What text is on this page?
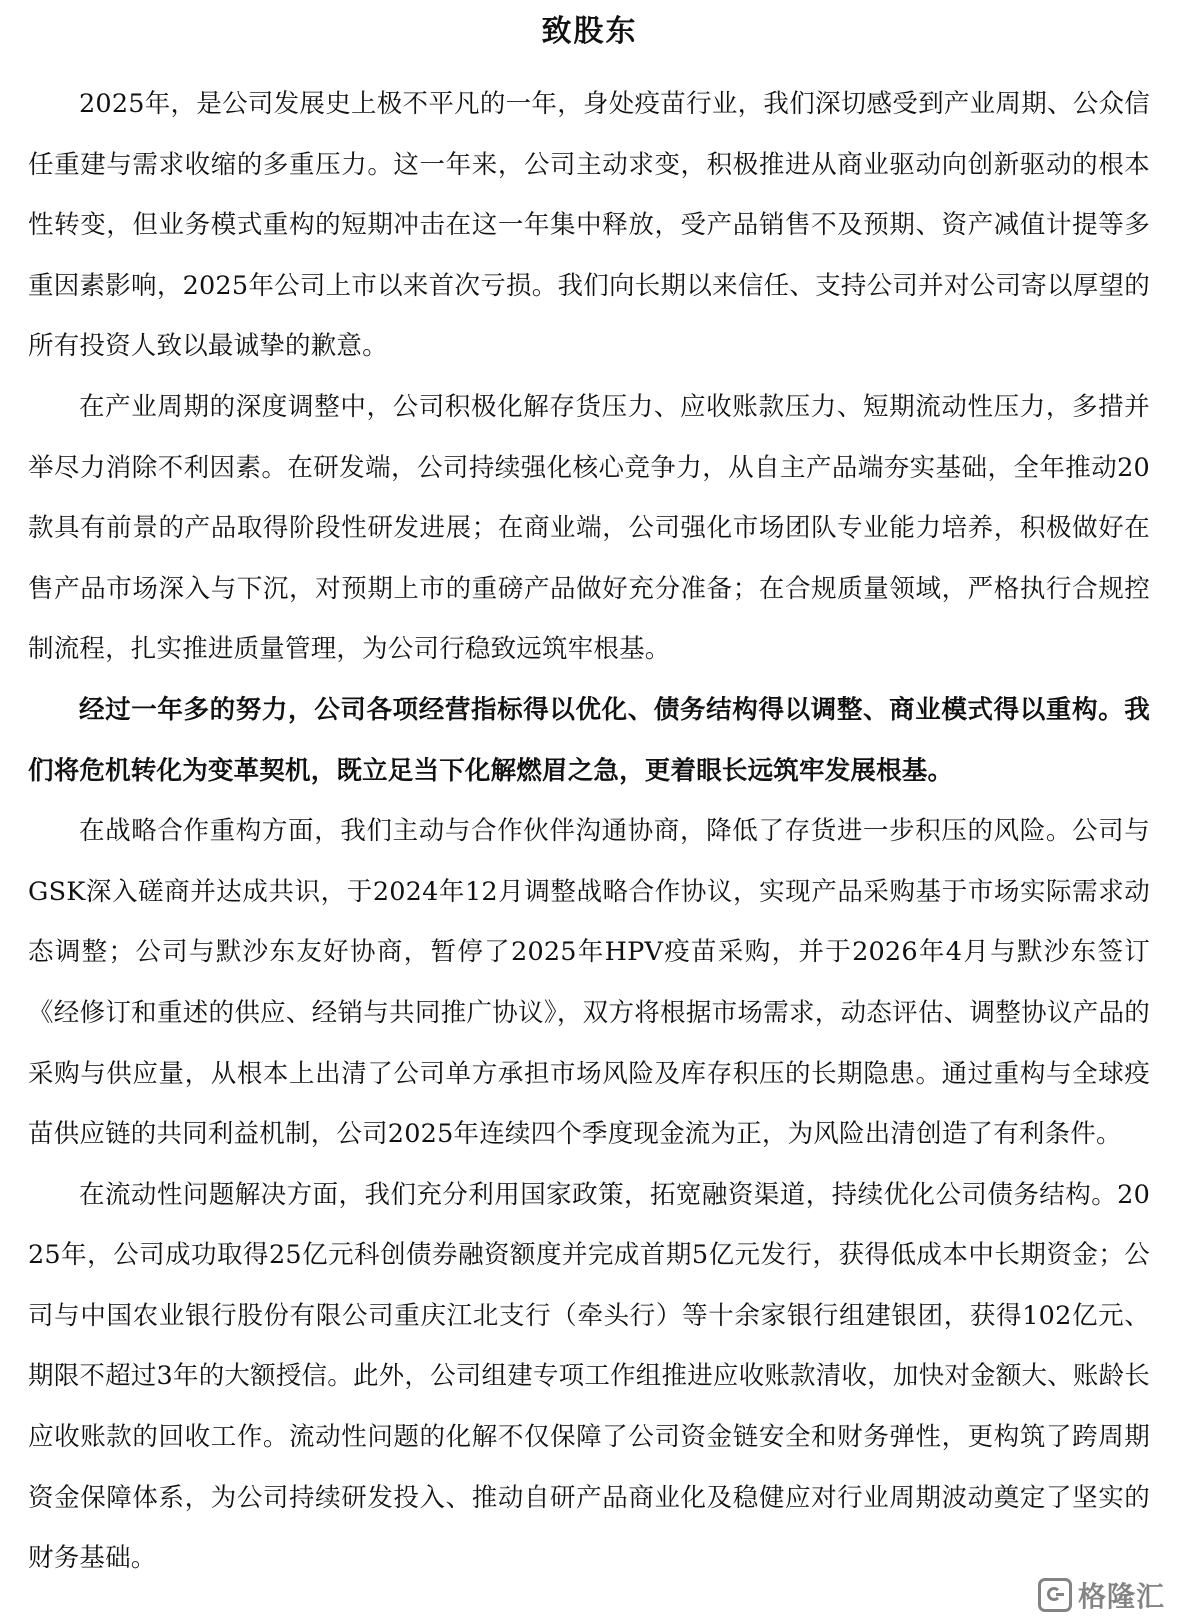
致股东

2025年，是公司发展史上极不平凡的一年，身处疫苗行业，我们深切感受到产业周期、公众信任重建与需求收缩的多重压力。这一年来，公司主动求变，积极推进从商业驱动向创新驱动的根本性转变，但业务模式重构的短期冲击在这一年集中释放，受产品销售不及预期、资产减值计提等多重因素影响，2025年公司上市以来首次亏损。我们向长期以来信任、支持公司并对公司寄以厚望的所有投资人致以最诚挚的歉意。

在产业周期的深度调整中，公司积极化解存货压力、应收账款压力、短期流动性压力，多措并举尽力消除不利因素。在研发端，公司持续强化核心竞争力，从自主产品端夯实基础，全年推动20款具有前景的产品取得阶段性研发进展；在商业端，公司强化市场团队专业能力培养，积极做好在售产品市场深入与下沉，对预期上市的重磅产品做好充分准备；在合规质量领域，严格执行合规控制流程，扎实推进质量管理，为公司行稳致远筑牢根基。

经过一年多的努力，公司各项经营指标得以优化、债务结构得以调整、商业模式得以重构。我们将危机转化为变革契机，既立足当下化解燃眉之急，更着眼长远筑牢发展根基。

在战略合作重构方面，我们主动与合作伙伴沟通协商，降低了存货进一步积压的风险。公司与GSK深入磋商并达成共识，于2024年12月调整战略合作协议，实现产品采购基于市场实际需求动态调整；公司与默沙东友好协商，暂停了2025年HPV疫苗采购，并于2026年4月与默沙东签订《经修订和重述的供应、经销与共同推广协议》，双方将根据市场需求，动态评估、调整协议产品的采购与供应量，从根本上出清了公司单方承担市场风险及库存积压的长期隐患。通过重构与全球疫苗供应链的共同利益机制，公司2025年连续四个季度现金流为正，为风险出清创造了有利条件。

在流动性问题解决方面，我们充分利用国家政策，拓宽融资渠道，持续优化公司债务结构。2025年，公司成功取得25亿元科创债券融资额度并完成首期5亿元发行，获得低成本中长期资金；公司与中国农业银行股份有限公司重庆江北支行（牵头行）等十余家银行组建银团，获得102亿元、期限不超过3年的大额授信。此外，公司组建专项工作组推进应收账款清收，加快对金额大、账龄长应收账款的回收工作。流动性问题的化解不仅保障了公司资金链安全和财务弹性，更构筑了跨周期资金保障体系，为公司持续研发投入、推动自研产品商业化及稳健应对行业周期波动奠定了坚实的财务基础。

格隆汇
